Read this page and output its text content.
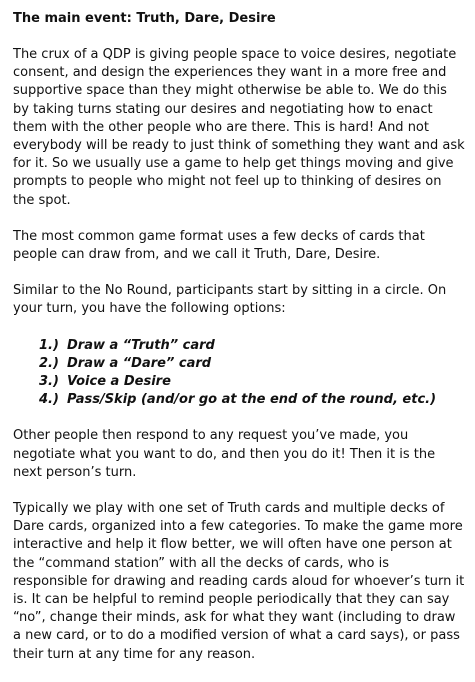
The main event: Truth, Dare, Desire

The crux of a QDP is giving people space to voice desires, negotiate consent, and design the experiences they want in a more free and supportive space than they might otherwise be able to. We do this by taking turns stating our desires and negotiating how to enact them with the other people who are there. This is hard! And not everybody will be ready to just think of something they want and ask for it. So we usually use a game to help get things moving and give prompts to people who might not feel up to thinking of desires on the spot.

The most common game format uses a few decks of cards that people can draw from, and we call it Truth, Dare, Desire.

Similar to the No Round, participants start by sitting in a circle. On your turn, you have the following options:

1.) Draw a “Truth” card
2.) Draw a “Dare” card
3.) Voice a Desire
4.) Pass/Skip (and/or go at the end of the round, etc.)

Other people then respond to any request you’ve made, you negotiate what you want to do, and then you do it! Then it is the next person’s turn.

Typically we play with one set of Truth cards and multiple decks of Dare cards, organized into a few categories. To make the game more interactive and help it flow better, we will often have one person at the “command station” with all the decks of cards, who is responsible for drawing and reading cards aloud for whoever’s turn it is. It can be helpful to remind people periodically that they can say “no”, change their minds, ask for what they want (including to draw a new card, or to do a modified version of what a card says), or pass their turn at any time for any reason.
